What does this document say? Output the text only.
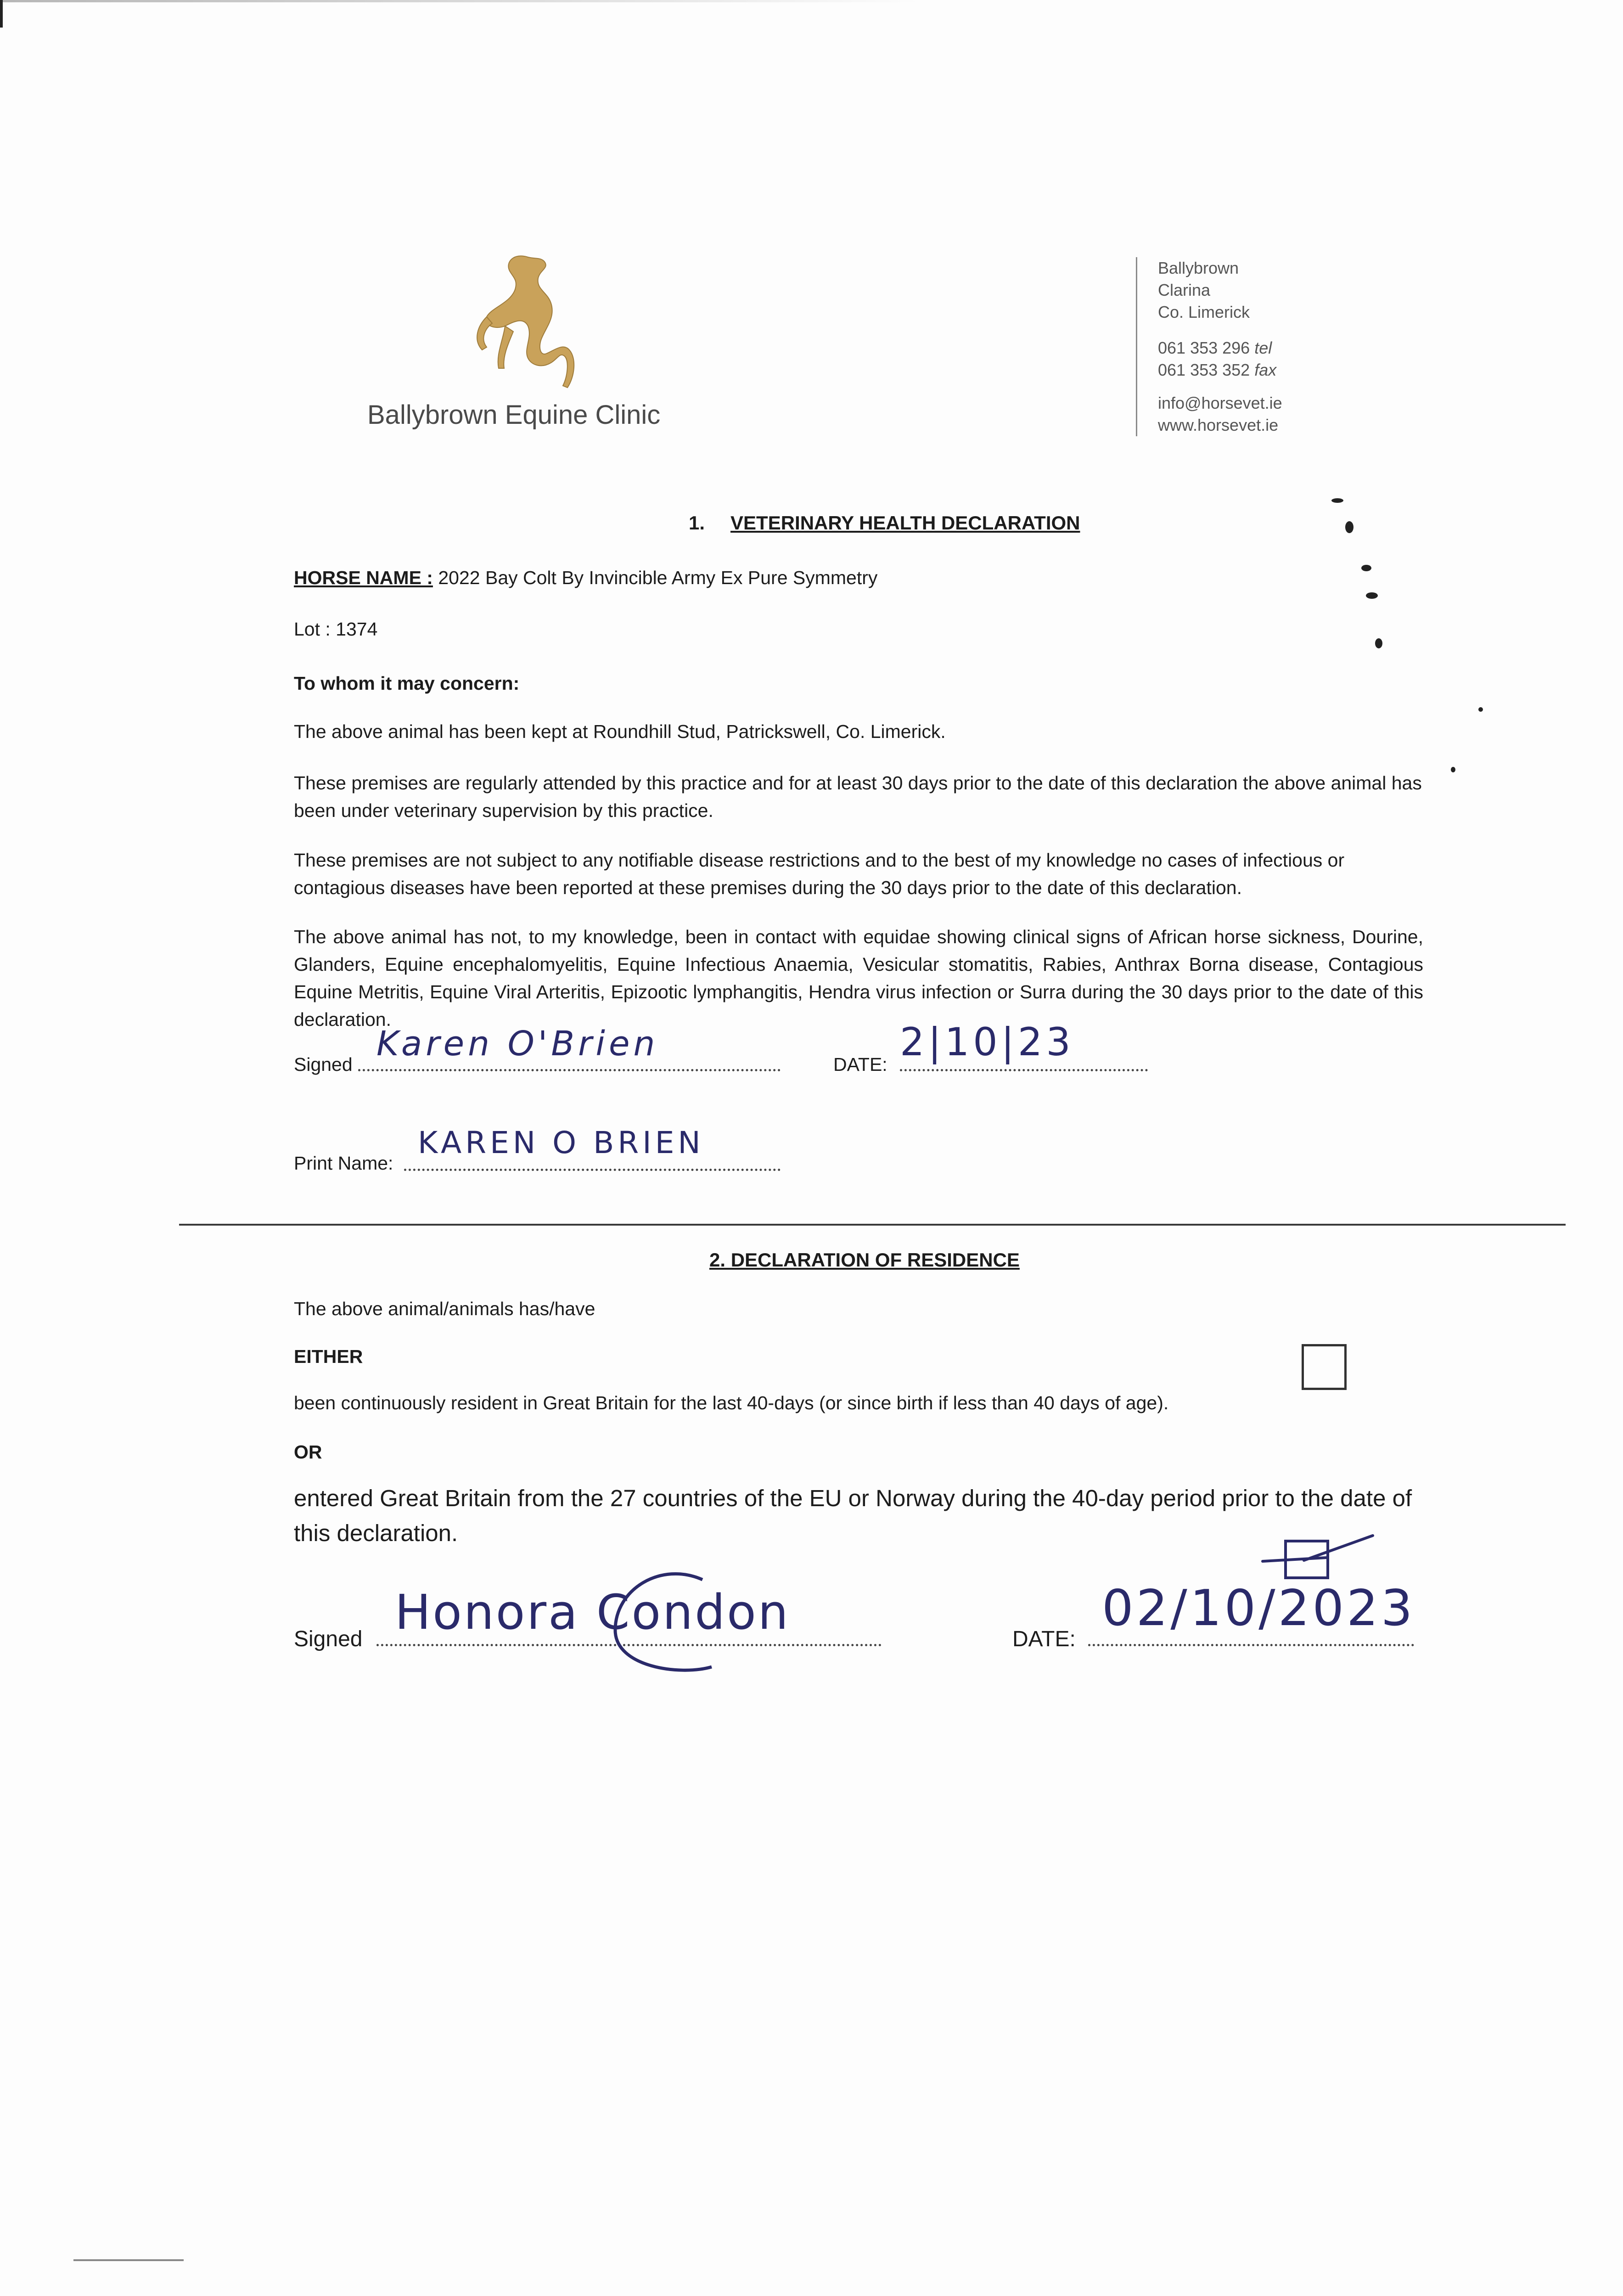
Ballybrown Equine Clinic
Ballybrown
Clarina
Co. Limerick
061 353 296 tel
061 353 352 fax
info@horsevet.ie
www.horsevet.ie
1. VETERINARY HEALTH DECLARATION
HORSE NAME : 2022 Bay Colt By Invincible Army Ex Pure Symmetry
Lot : 1374
To whom it may concern:
The above animal has been kept at Roundhill Stud, Patrickswell, Co. Limerick.
These premises are regularly attended by this practice and for at least 30 days prior to the date of this declaration the above animal has been under veterinary supervision by this practice.
These premises are not subject to any notifiable disease restrictions and to the best of my knowledge no cases of infectious or contagious diseases have been reported at these premises during the 30 days prior to the date of this declaration.
The above animal has not, to my knowledge, been in contact with equidae showing clinical signs of African horse sickness, Dourine, Glanders, Equine encephalomyelitis, Equine Infectious Anaemia, Vesicular stomatitis, Rabies, Anthrax Borna disease, Contagious Equine Metritis, Equine Viral Arteritis, Epizootic lymphangitis, Hendra virus infection or Surra during the 30 days prior to the date of this declaration.
Signed
Karen O'Brien
DATE: 2|10|23
Print Name:
KAREN O BRIEN
2. DECLARATION OF RESIDENCE
The above animal/animals has/have
EITHER
been continuously resident in Great Britain for the last 40-days (or since birth if less than 40 days of age).
OR
entered Great Britain from the 27 countries of the EU or Norway during the 40-day period prior to the date of this declaration.
Signed Honora Condon	DATE:
02/10/2023
